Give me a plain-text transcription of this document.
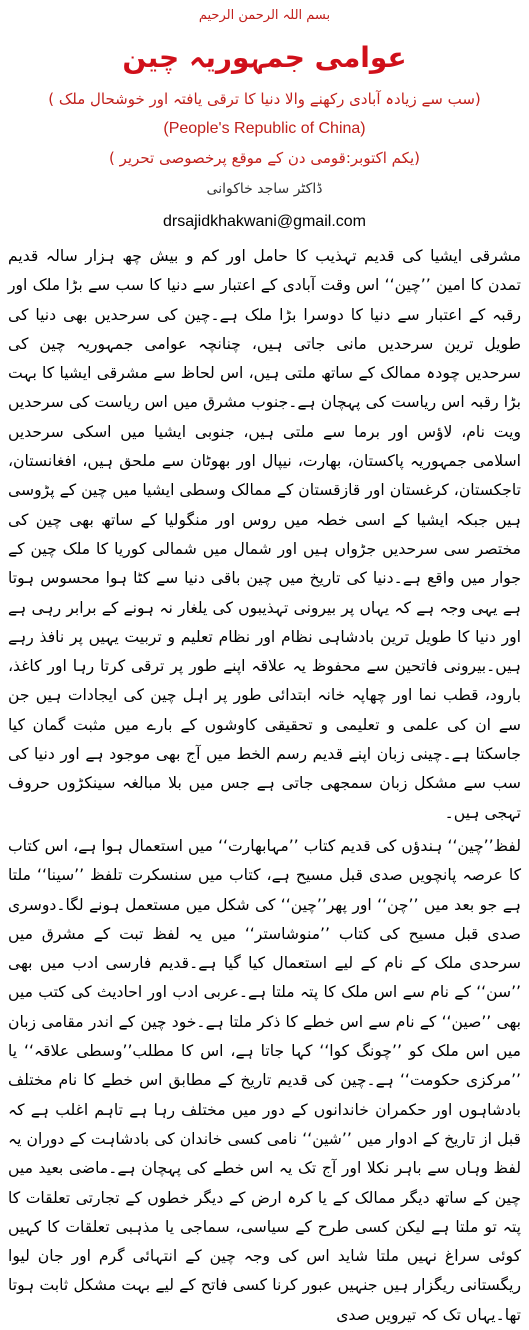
بسم اللہ الرحمن الرحیم
عوامی جمہوریہ چین
(سب سے زیادہ آبادی رکھنے والا دنیا کا ترقی یافتہ اور خوشحال ملک )
(People's Republic of China)
(یکم اکتوبر:قومی دن کے موقع پرخصوصی تحریر )
ڈاکٹر ساجد خاکوانی
drsajidkhakwani@gmail.com

مشرقی ایشیا کی قدیم تہذیب کا حامل اور کم و بیش چھ ہزار سالہ قدیم تمدن کا امین ’’چین‘‘ اس وقت آبادی کے اعتبار سے دنیا کا سب سے بڑا ملک اور رقبہ کے اعتبار سے دنیا کا دوسرا بڑا ملک ہے۔چین کی سرحدیں بھی دنیا کی طویل ترین سرحدیں مانی جاتی ہیں، چنانچہ عوامی جمہوریہ چین کی سرحدیں چودہ ممالک کے ساتھ ملتی ہیں، اس لحاظ سے مشرقی ایشیا کا بہت بڑا رقبہ اس ریاست کی پہچان ہے۔جنوب مشرق میں اس ریاست کی سرحدیں ویت نام، لاؤس اور برما سے ملتی ہیں، جنوبی ایشیا میں اسکی سرحدیں اسلامی جمہوریہ پاکستان، بھارت، نیپال اور بھوٹان سے ملحق ہیں، افغانستان، تاجکستان، کرغستان اور قازقستان کے ممالک وسطی ایشیا میں چین کے پڑوسی ہیں جبکہ ایشیا کے اسی خطہ میں روس اور منگولیا کے ساتھ بھی چین کی مختصر سی سرحدیں جڑواں ہیں اور شمال میں شمالی کوریا کا ملک چین کے جوار میں واقع ہے۔دنیا کی تاریخ میں چین باقی دنیا سے کٹا ہوا محسوس ہوتا ہے یہی وجہ ہے کہ یہاں پر بیرونی تہذیبوں کی یلغار نہ ہونے کے برابر رہی ہے اور دنیا کا طویل ترین بادشاہی نظام اور نظام تعلیم و تربیت یہیں پر نافذ رہے ہیں۔بیرونی فاتحین سے محفوظ یہ علاقہ اپنے طور پر ترقی کرتا رہا اور کاغذ، بارود، قطب نما اور چھاپہ خانہ ابتدائی طور پر اہل چین کی ایجادات ہیں جن سے ان کی علمی و تعلیمی و تحقیقی کاوشوں کے بارے میں مثبت گمان کیا جاسکتا ہے۔چینی زبان اپنے قدیم رسم الخط میں آج بھی موجود ہے اور دنیا کی سب سے مشکل زبان سمجھی جاتی ہے جس میں بلا مبالغہ سینکڑوں حروف تہجی ہیں۔

لفظ’’چین‘‘ ہندؤں کی قدیم کتاب ’’مہابھارت‘‘ میں استعمال ہوا ہے، اس کتاب کا عرصہ پانچویں صدی قبل مسیح ہے، کتاب میں سنسکرت تلفظ ’’سینا‘‘ ملتا ہے جو بعد میں ’’چن‘‘ اور پھر’’چین‘‘ کی شکل میں مستعمل ہونے لگا۔دوسری صدی قبل مسیح کی کتاب ’’منوشاستر‘‘ میں یہ لفظ تبت کے مشرق میں سرحدی ملک کے نام کے لیے استعمال کیا گیا ہے۔قدیم فارسی ادب میں بھی ’’سن‘‘ کے نام سے اس ملک کا پتہ ملتا ہے۔عربی ادب اور احادیث کی کتب میں بھی ’’صین‘‘ کے نام سے اس خطے کا ذکر ملتا ہے۔خود چین کے اندر مقامی زبان میں اس ملک کو ’’چونگ کوا‘‘ کہا جاتا ہے، اس کا مطلب’’وسطی علاقہ‘‘ یا ’’مرکزی حکومت‘‘ ہے۔چین کی قدیم تاریخ کے مطابق اس خطے کا نام مختلف بادشاہوں اور حکمران خاندانوں کے دور میں مختلف رہا ہے تاہم اغلب ہے کہ قبل از تاریخ کے ادوار میں ’’شین‘‘ نامی کسی خاندان کی بادشاہت کے دوران یہ لفظ وہاں سے باہر نکلا اور آج تک یہ اس خطے کی پہچان ہے۔ماضی بعید میں چین کے ساتھ دیگر ممالک کے یا کرہ ارض کے دیگر خطوں کے تجارتی تعلقات کا پتہ تو ملتا ہے لیکن کسی طرح کے سیاسی، سماجی یا مذہبی تعلقات کا کہیں کوئی سراغ نہیں ملتا شاید اس کی وجہ چین کے انتہائی گرم اور جان لیوا ریگستانی ریگزار ہیں جنہیں عبور کرنا کسی فاتح کے لیے بہت مشکل ثابت ہوتا تھا۔یہاں تک کہ تیرویں صدی
